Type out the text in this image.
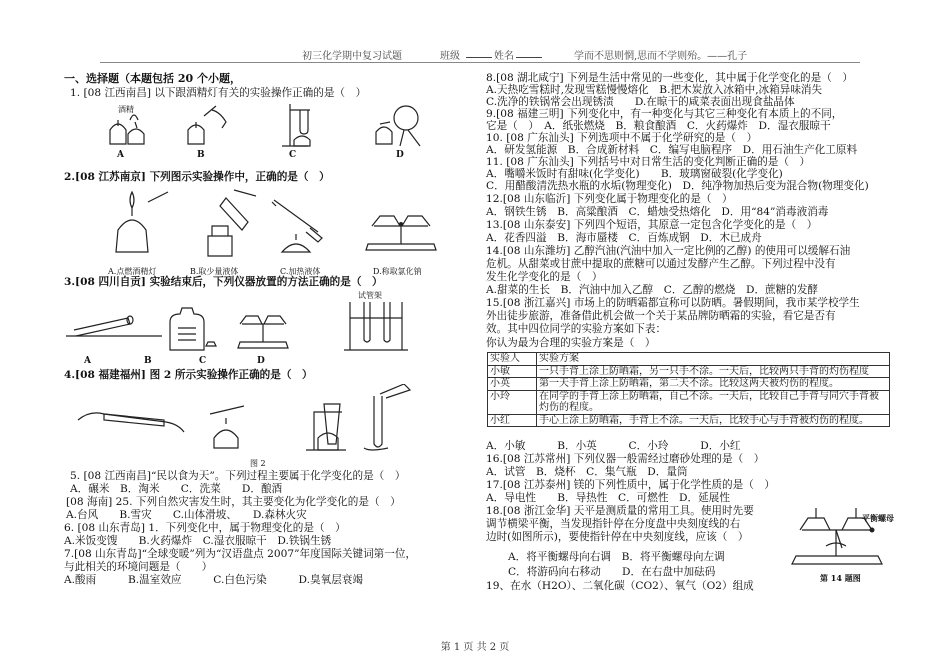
初三化学期中复习试题	班级	姓名	学而不思则惘,思而不学则殆。——孔子
一、选择题（本题包括 20 个小题，
1. [08 江西南昌] 以下跟酒精灯有关的实验操作正确的是（　）
酒精
A	B	C	D
2.[08 江苏南京] 下列图示实验操作中，正确的是（　）
A.点燃酒精灯	B.取少量液体	C.加热液体	D.称取氯化钠
3.[08 四川自贡] 实验结束后，下列仪器放置的方法正确的是（　）
试管架
A	B	C	D
4.[08 福建福州] 图 2 所示实验操作正确的是（　）
图 2
5. [08 江西南昌]“民以食为天”。下列过程主要属于化学变化的是（　）
A．碾米　B．淘米　　C．洗菜　　D．酿酒
[08 海南] 25. 下列自然灾害发生时，其主要变化为化学变化的是（　）
A.台风　　B.雪灾　　C.山体滑坡、　　D.森林火灾
6. [08 山东青岛] 1．下列变化中，属于物理变化的是（　）
A.米饭变馊　　B.火药爆炸　C.湿衣服晾干　D.铁锅生锈
7.[08 山东青岛]“全球变暖”列为“汉语盘点 2007”年度国际关键词第一位，
与此相关的环境问题是（　　）
A.酸雨　　　B.温室效应　　　C.白色污染　　　D.臭氧层衰竭
8.[08 湖北咸宁] 下列是生活中常见的一些变化，其中属于化学变化的是（　）
A.天热吃雪糕时,发现雪糕慢慢熔化　B.把木炭放入冰箱中,冰箱异味消失
C.洗净的铁锅常会出现锈渍　　D.在晾干的咸菜表面出现食盐晶体
9.[08 福建三明] 下列变化中，有一种变化与其它三种变化有本质上的不同，
它是（　）　A．纸张燃烧　B．粮食酿酒　C．火药爆炸　D．湿衣服晾干
10. [08 广东汕头] 下列选项中不属于化学研究的是（　）
A．研发氢能源　B．合成新材料　C．编写电脑程序　D．用石油生产化工原料
11. [08 广东汕头] 下列括号中对日常生活的变化判断正确的是（　）
A．嘴嚼米饭时有甜味(化学变化)　　B．玻璃窗破裂(化学变化)
C．用醋酸清洗热水瓶的水垢(物理变化)　D．纯净物加热后变为混合物(物理变化)
12.[08 山东临沂] 下列变化属于物理变化的是（　）
A．钢铁生锈　B．高粱酿酒　C．蜡烛受热熔化　D．用“84”消毒液消毒
13.[08 山东泰安] 下列四个短语，其原意一定包含化学变化的是（　）
A．花香四溢　B．海市蜃楼　C．百炼成钢　D．木已成舟
14.[08 山东潍坊] 乙醇汽油(汽油中加入一定比例的乙醇) 的使用可以缓解石油
危机。从甜菜或甘蔗中提取的蔗糖可以通过发酵产生乙醇。下列过程中没有
发生化学变化的是（　）
A.甜菜的生长　B．汽油中加入乙醇　C．乙醇的燃烧　D．蔗糖的发酵
15.[08 浙江嘉兴] 市场上的防晒霜都宣称可以防晒。暑假期间，我市某学校学生
外出徒步旅游，准备借此机会做一个关于某品牌防晒霜的实验，看它是否有
效。其中四位同学的实验方案如下表：
你认为最为合理的实验方案是（　）
实验人	实验方案
小敏	一只手背上涂上防晒霜，另一只手不涂。一天后，比较两只手背的灼伤程度
小英	第一天手背上涂上防晒霜，第二天不涂。比较这两天被灼伤的程度。
小玲	在同学的手背上涂上防晒霜，自己不涂。一天后，比较自己手背与同穴手背被灼伤的程度。
小红	手心上涂上防晒霜，手背上不涂。一天后，比较手心与手背被灼伤的程度。
A．小敏　　　B．小英　　　C．小玲　　　D．小红
16.[08 江苏常州] 下列仪器一般需经过磨砂处理的是（　）
A．试管　B．烧杯　C．集气瓶　D．量筒
17.[08 江苏泰州] 镁的下列性质中，属于化学性质的是（　）
A．导电性　　B．导热性　C．可燃性　D．延展性
18.[08 浙江金华] 天平是测质量的常用工具。使用时先要
调节横梁平衡，当发现指针停在分度盘中央刻度线的右
边时(如图所示)，要使指针停在中央刻度线，应该（　）
A．将平衡螺母向右调　B．将平衡螺母向左调
C．将游码向右移动　　D．在右盘中加砝码
19、在水（H2O）、二氧化碳（CO2）、氧气（O2）组成
平衡螺母
第 14 题图
第 1 页 共 2 页
